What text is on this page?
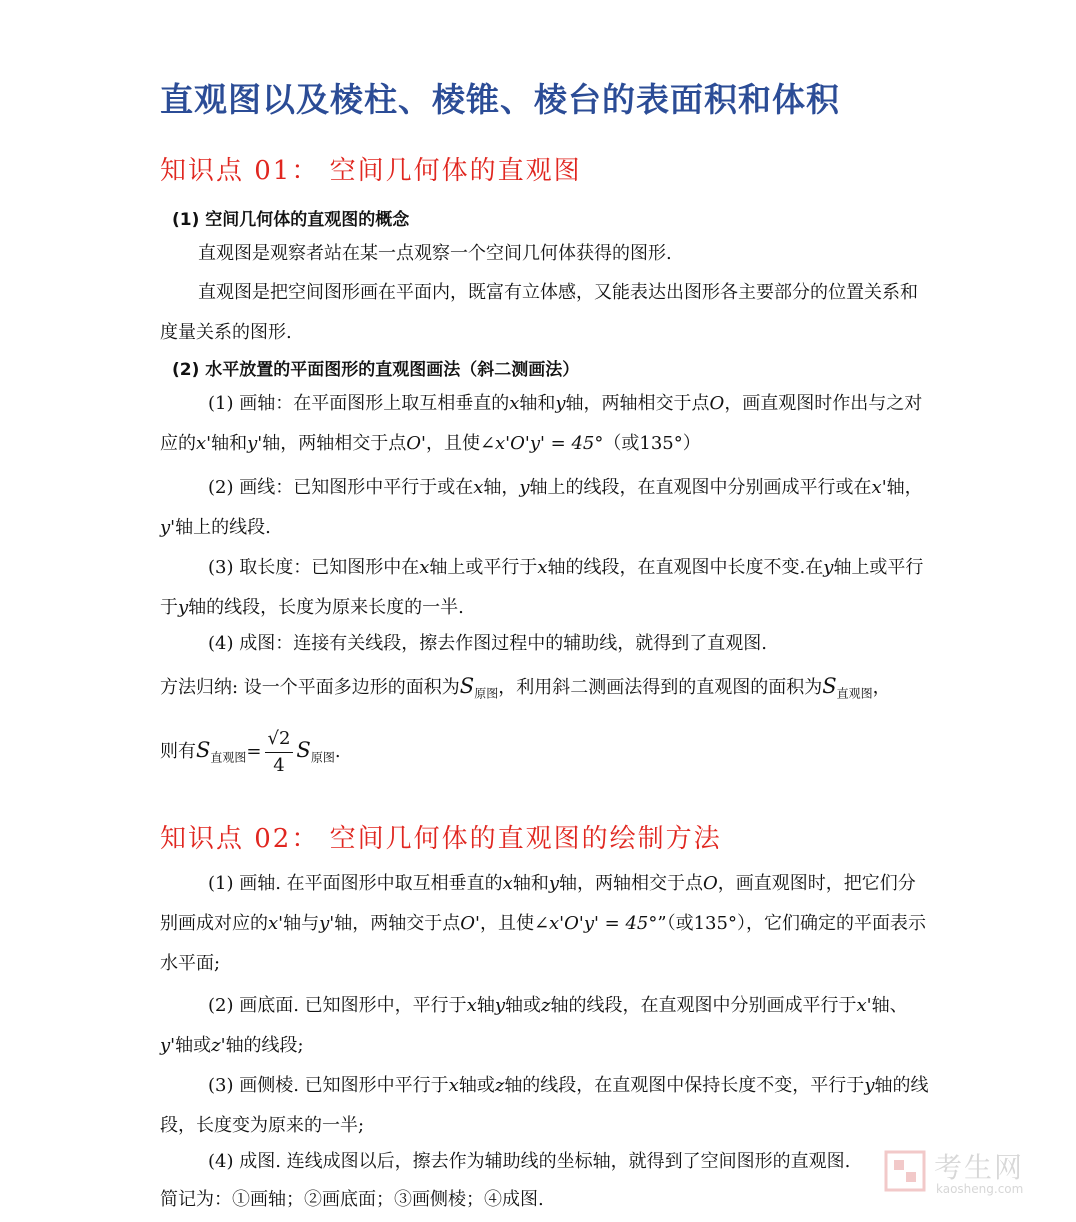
直观图以及棱柱、棱锥、棱台的表面积和体积
知识点 01： 空间几何体的直观图
(1) 空间几何体的直观图的概念
直观图是观察者站在某一点观察一个空间几何体获得的图形.
直观图是把空间图形画在平面内，既富有立体感，又能表达出图形各主要部分的位置关系和度量关系的图形.
(2) 水平放置的平面图形的直观图画法（斜二测画法）
(1) 画轴：在平面图形上取互相垂直的x轴和y轴，两轴相交于点O，画直观图时作出与之对应的x'轴和y'轴，两轴相交于点O'，且使∠x'O'y' = 45°（或135°）
(2) 画线：已知图形中平行于或在x轴，y轴上的线段，在直观图中分别画成平行或在x'轴，y'轴上的线段.
(3) 取长度：已知图形中在x轴上或平行于x轴的线段，在直观图中长度不变.在y轴上或平行于y轴的线段，长度为原来长度的一半.
(4) 成图：连接有关线段，擦去作图过程中的辅助线，就得到了直观图.
方法归纳: 设一个平面多边形的面积为$S_{原图}$，利用斜二测画法得到的直观图的面积为$S_{直观图}$，
则有$S_{直观图}= \frac{√2}{4} S_{原图}$.
知识点 02： 空间几何体的直观图的绘制方法
(1) 画轴. 在平面图形中取互相垂直的x轴和y轴，两轴相交于点O，画直观图时，把它们分别画成对应的x'轴与y'轴，两轴交于点O'，且使∠x'O'y' = 45°”（或135°），它们确定的平面表示水平面;
(2) 画底面. 已知图形中，平行于x轴y轴或z轴的线段，在直观图中分别画成平行于x'轴、y'轴或z'轴的线段;
(3) 画侧棱. 已知图形中平行于x轴或z轴的线段，在直观图中保持长度不变，平行于y轴的线段，长度变为原来的一半;
(4) 成图. 连线成图以后，擦去作为辅助线的坐标轴，就得到了空间图形的直观图.
简记为：①画轴；②画底面；③画侧棱；④成图.
考生网
kaosheng.com
